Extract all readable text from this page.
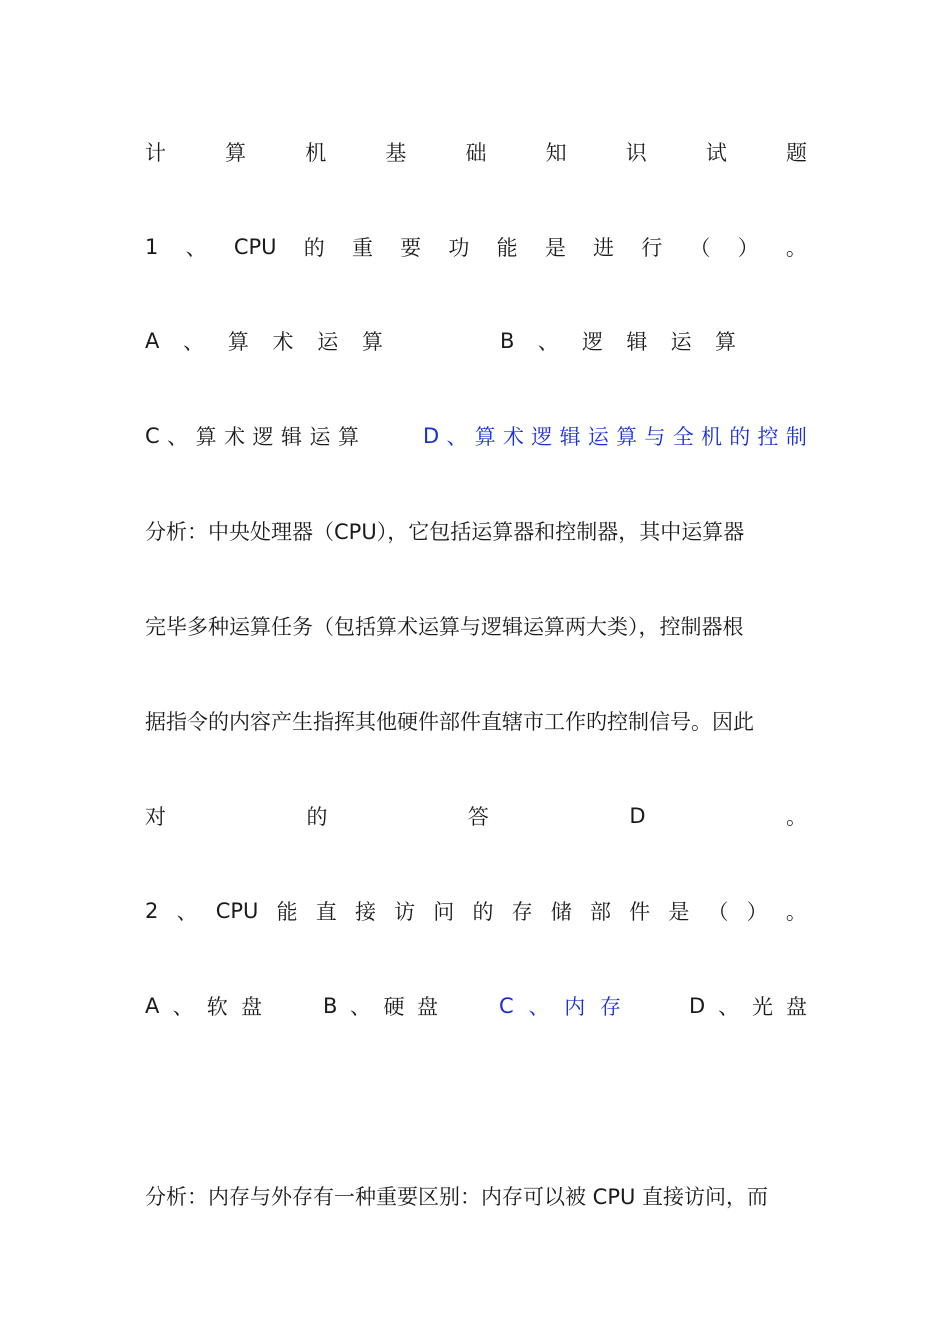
计	算	机	基	础	知	识	试	题
1 、 CPU 的 重 要 功 能 是 进 行 （ ） 。
A 、 算 术 运 算	B 、 逻 辑 运 算
C 、 算 术 逻 辑 运 算	D 、 算 术 逻 辑 运 算 与 全 机 的 控 制
分析：中央处理器（CPU），它包括运算器和控制器，其中运算器
完毕多种运算任务（包括算术运算与逻辑运算两大类），控制器根
据指令的内容产生指挥其他硬件部件直辖市工作旳控制信号。因此
对	的	答	D	。
2 、 CPU 能 直 接 访 问 的 存 储 部 件 是 （ ） 。
A 、 软 盘	B 、 硬 盘	C 、 内 存	D 、 光 盘
分析：内存与外存有一种重要区别：内存可以被 CPU 直接访问，而
